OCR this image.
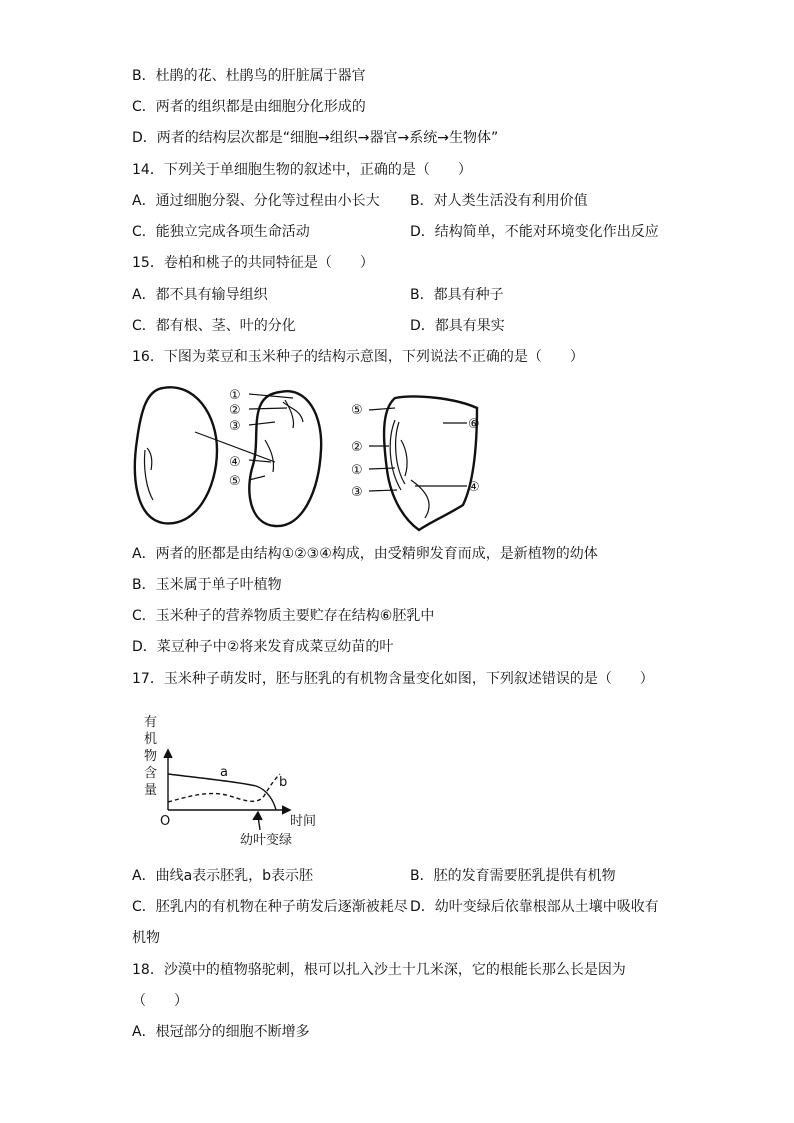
B．杜鹃的花、杜鹃鸟的肝脏属于器官
C．两者的组织都是由细胞分化形成的
D．两者的结构层次都是“细胞→组织→器官→系统→生物体”
14．下列关于单细胞生物的叙述中，正确的是（　　）
A．通过细胞分裂、分化等过程由小长大 B．对人类生活没有利用价值
C．能独立完成各项生命活动	D．结构简单，不能对环境变化作出反应
15．卷柏和桃子的共同特征是（　　）
A．都不具有输导组织	B．都具有种子
C．都有根、茎、叶的分化	D．都具有果实
16．下图为菜豆和玉米种子的结构示意图，下列说法不正确的是（　　）
①
②
③
④
⑤
⑤
②
①
③
⑥
④
A．两者的胚都是由结构①②③④构成，由受精卵发育而成，是新植物的幼体
B．玉米属于单子叶植物
C．玉米种子的营养物质主要贮存在结构⑥胚乳中
D．菜豆种子中②将来发育成菜豆幼苗的叶
17．玉米种子萌发时，胚与胚乳的有机物含量变化如图，下列叙述错误的是（　　）
有
机
物
含
量
O	时间
a
b
幼叶变绿
A．曲线a表示胚乳，b表示胚	B．胚的发育需要胚乳提供有机物
C．胚乳内的有机物在种子萌发后逐渐被耗尽 D．幼叶变绿后依靠根部从土壤中吸收有
机物
18．沙漠中的植物骆驼刺，根可以扎入沙土十几米深，它的根能长那么长是因为
（　　）
A．根冠部分的细胞不断增多
